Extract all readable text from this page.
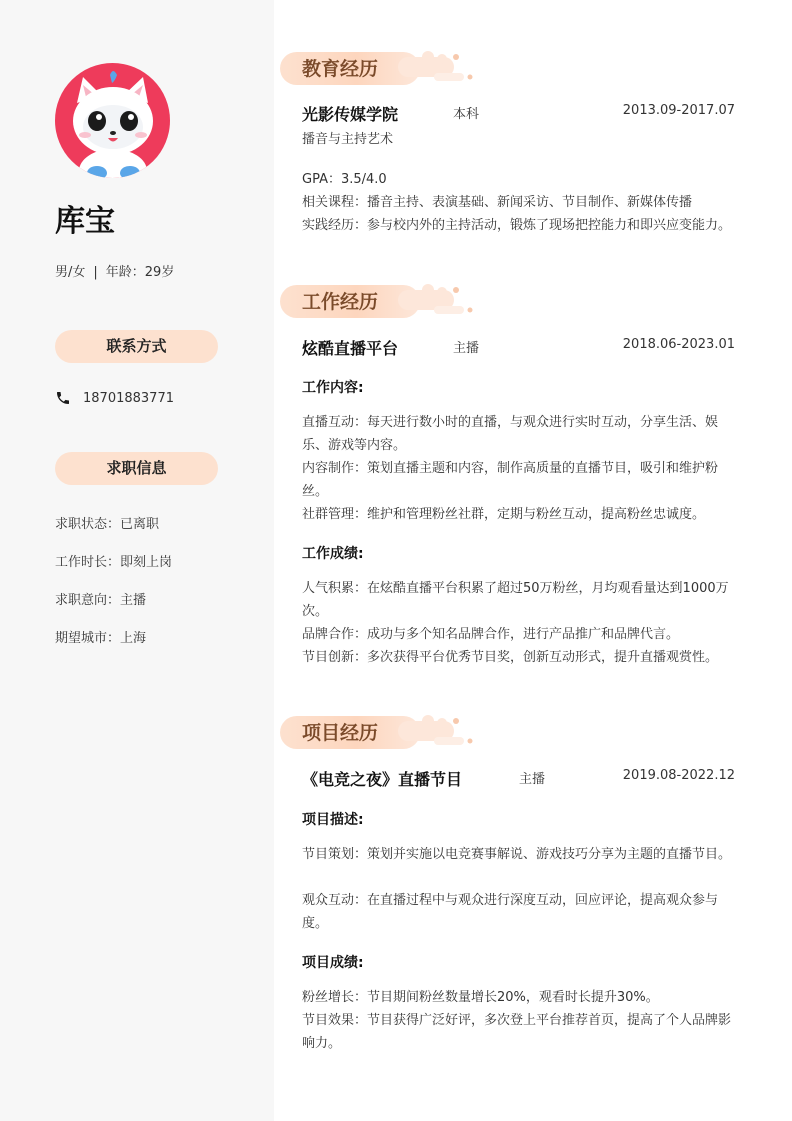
库宝
男/女 | 年龄：29岁
联系方式
18701883771
求职信息
求职状态：已离职
工作时长：即刻上岗
求职意向：主播
期望城市：上海
教育经历
光影传媒学院	本科	2013.09-2017.07
播音与主持艺术
GPA：3.5/4.0
相关课程：播音主持、表演基础、新闻采访、节目制作、新媒体传播
实践经历：参与校内外的主持活动，锻炼了现场把控能力和即兴应变能力。
工作经历
炫酷直播平台	主播	2018.06-2023.01
工作内容:
直播互动：每天进行数小时的直播，与观众进行实时互动，分享生活、娱乐、游戏等内容。
内容制作：策划直播主题和内容，制作高质量的直播节目，吸引和维护粉丝。
社群管理：维护和管理粉丝社群，定期与粉丝互动，提高粉丝忠诚度。
工作成绩:
人气积累：在炫酷直播平台积累了超过50万粉丝，月均观看量达到1000万次。
品牌合作：成功与多个知名品牌合作，进行产品推广和品牌代言。
节目创新：多次获得平台优秀节目奖，创新互动形式，提升直播观赏性。
项目经历
《电竞之夜》直播节目	主播	2019.08-2022.12
项目描述:
节目策划：策划并实施以电竞赛事解说、游戏技巧分享为主题的直播节目。
观众互动：在直播过程中与观众进行深度互动，回应评论，提高观众参与度。
项目成绩:
粉丝增长：节目期间粉丝数量增长20%，观看时长提升30%。
节目效果：节目获得广泛好评，多次登上平台推荐首页，提高了个人品牌影响力。
